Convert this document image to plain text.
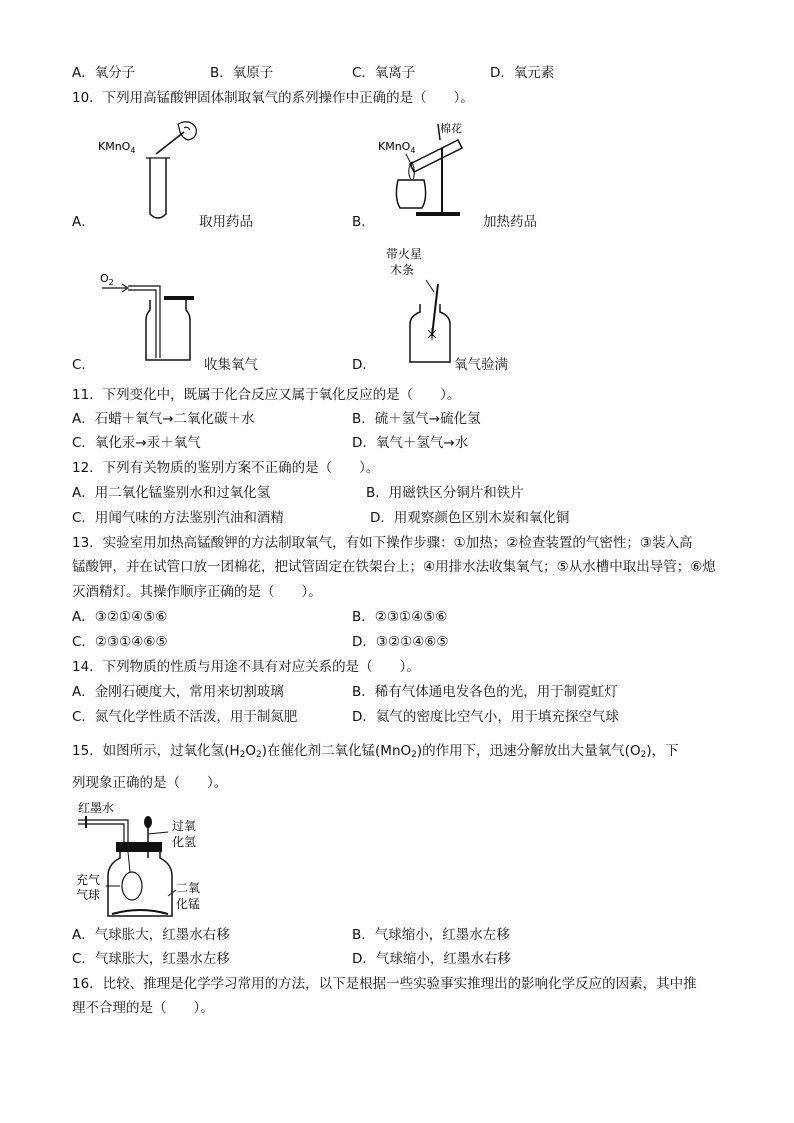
A．氧分子	B．氧原子	C．氧离子	D．氧元素
10．下列用高锰酸钾固体制取氧气的系列操作中正确的是（　　）。
KMnO$_4$
A．	取用药品
KMnO$_4$
棉花
B．	加热药品
$O_2$
C．	收集氧气
带火星
木条
D．	氧气验满
11．下列变化中，既属于化合反应又属于氧化反应的是（　　）。
A．石蜡＋氧气→二氧化碳＋水	B．硫＋氢气→硫化氢
C．氧化汞→汞＋氧气	D．氧气＋氢气→水
12．下列有关物质的鉴别方案不正确的是（　　）。
A．用二氧化锰鉴别水和过氧化氢	B．用磁铁区分铜片和铁片
C．用闻气味的方法鉴别汽油和酒精	D．用观察颜色区别木炭和氧化铜
13．实验室用加热高锰酸钾的方法制取氧气，有如下操作步骤：①加热；②检查装置的气密性；③装入高
锰酸钾，并在试管口放一团棉花，把试管固定在铁架台上；④用排水法收集氧气；⑤从水槽中取出导管；⑥熄
灭酒精灯。其操作顺序正确的是（　　）。
A．③②①④⑤⑥	B．②③①④⑤⑥
C．②③①④⑥⑤	D．③②①④⑥⑤
14．下列物质的性质与用途不具有对应关系的是（　　）。
A．金刚石硬度大，常用来切割玻璃	B．稀有气体通电发各色的光，用于制霓虹灯
C．氮气化学性质不活泼，用于制氮肥	D．氦气的密度比空气小，用于填充探空气球
15．如图所示，过氧化氢$(H_2O_2)$在催化剂二氧化锰(MnO$_2$)的作用下，迅速分解放出大量氧气$(O_2)$，下
列现象正确的是（　　）。
红墨水
过氧
化氢
充气
气球	二氧
化锰
A．气球胀大，红墨水右移	B．气球缩小，红墨水左移
C．气球胀大，红墨水左移	D．气球缩小，红墨水右移
16．比较、推理是化学学习常用的方法，以下是根据一些实验事实推理出的影响化学反应的因素，其中推
理不合理的是（　　）。
